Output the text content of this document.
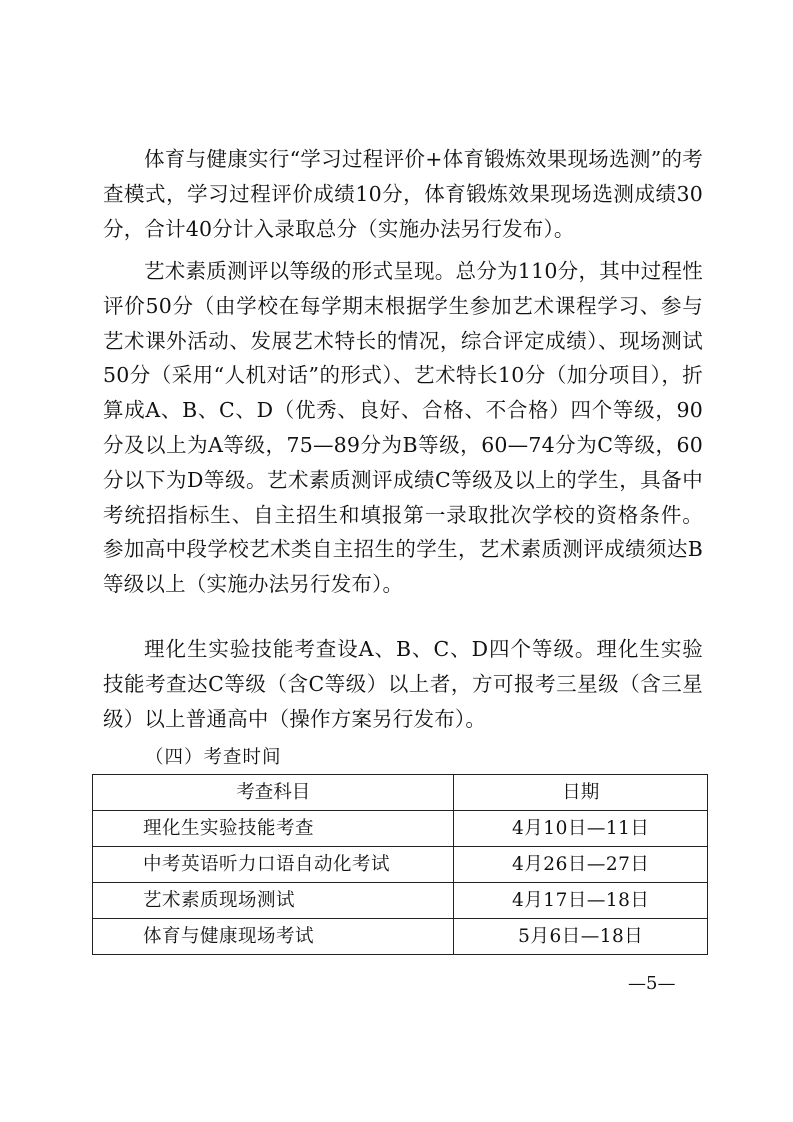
体育与健康实行“学习过程评价+体育锻炼效果现场选测”的考查模式，学习过程评价成绩10分，体育锻炼效果现场选测成绩30分，合计40分计入录取总分（实施办法另行发布）。

艺术素质测评以等级的形式呈现。总分为110分，其中过程性评价50分（由学校在每学期末根据学生参加艺术课程学习、参与艺术课外活动、发展艺术特长的情况，综合评定成绩）、现场测试50分（采用“人机对话”的形式）、艺术特长10分（加分项目），折算成A、B、C、D（优秀、良好、合格、不合格）四个等级，90分及以上为A等级，75—89分为B等级，60—74分为C等级，60分以下为D等级。艺术素质测评成绩C等级及以上的学生，具备中考统招指标生、自主招生和填报第一录取批次学校的资格条件。参加高中段学校艺术类自主招生的学生，艺术素质测评成绩须达B等级以上（实施办法另行发布）。

理化生实验技能考查设A、B、C、D四个等级。理化生实验技能考查达C等级（含C等级）以上者，方可报考三星级（含三星级）以上普通高中（操作方案另行发布）。

（四）考查时间
考查科目	日期
理化生实验技能考查	4月10日—11日
中考英语听力口语自动化考试	4月26日—27日
艺术素质现场测试	4月17日—18日
体育与健康现场考试	5月6日—18日
—5—
